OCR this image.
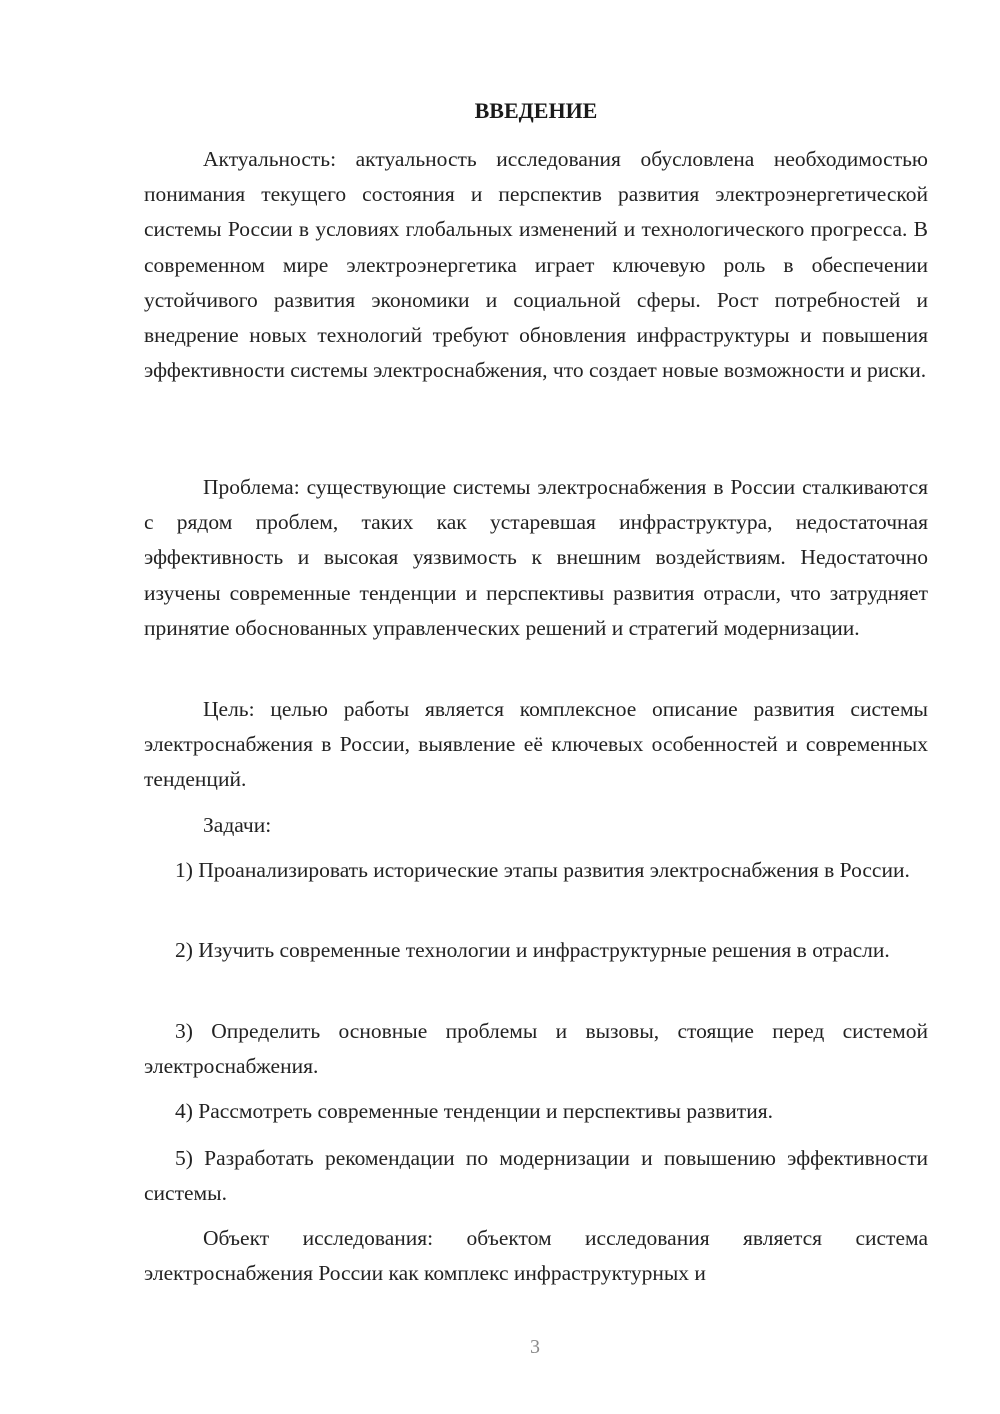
ВВЕДЕНИЕ

Актуальность: актуальность исследования обусловлена необходимостью понимания текущего состояния и перспектив развития электроэнергетической системы России в условиях глобальных изменений и технологического прогресса. В современном мире электроэнергетика играет ключевую роль в обеспечении устойчивого развития экономики и социальной сферы. Рост потребностей и внедрение новых технологий требуют обновления инфраструктуры и повышения эффективности системы электроснабжения, что создает новые возможности и риски.

Проблема: существующие системы электроснабжения в России сталкиваются с рядом проблем, таких как устаревшая инфраструктура, недостаточная эффективность и высокая уязвимость к внешним воздействиям. Недостаточно изучены современные тенденции и перспективы развития отрасли, что затрудняет принятие обоснованных управленческих решений и стратегий модернизации.

Цель: целью работы является комплексное описание развития системы электроснабжения в России, выявление её ключевых особенностей и современных тенденций.

Задачи:

1) Проанализировать исторические этапы развития электроснабжения в России.

2) Изучить современные технологии и инфраструктурные решения в отрасли.

3) Определить основные проблемы и вызовы, стоящие перед системой электроснабжения.

4) Рассмотреть современные тенденции и перспективы развития.

5) Разработать рекомендации по модернизации и повышению эффективности системы.

Объект исследования: объектом исследования является система электроснабжения России как комплекс инфраструктурных и

3
